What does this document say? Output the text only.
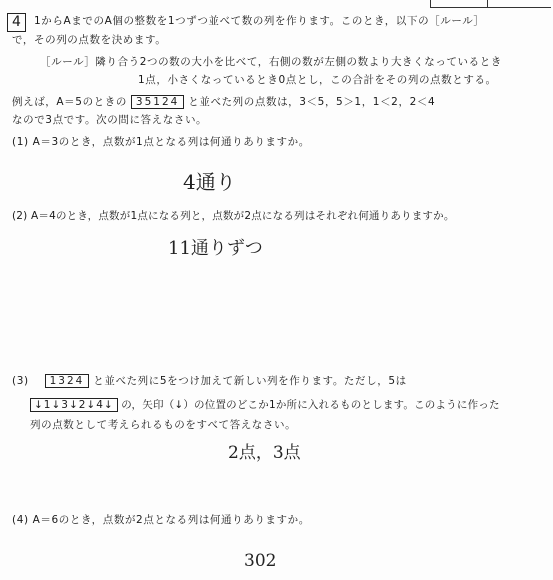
4	1からAまでのA個の整数を1つずつ並べて数の列を作ります。このとき，以下の［ルール］
で，その列の点数を決めます。
［ルール］隣り合う2つの数の大小を比べて，右側の数が左側の数より大きくなっているとき
1点，小さくなっているとき0点とし，この合計をその列の点数とする。
例えば，A＝5のときの 35124 と並べた列の点数は，3＜5，5＞1，1＜2，2＜4
なので3点です。次の問に答えなさい。
(1) A＝3のとき，点数が1点となる列は何通りありますか。
4通り
(2) A＝4のとき，点数が1点になる列と，点数が2点になる列はそれぞれ何通りありますか。
11通りずつ
(3) 1324 と並べた列に5をつけ加えて新しい列を作ります。ただし，5は
↓1↓3↓2↓4↓ の，矢印（↓）の位置のどこか1か所に入れるものとします。このように作った
列の点数として考えられるものをすべて答えなさい。
2点，3点
(4) A＝6のとき，点数が2点となる列は何通りありますか。
302
